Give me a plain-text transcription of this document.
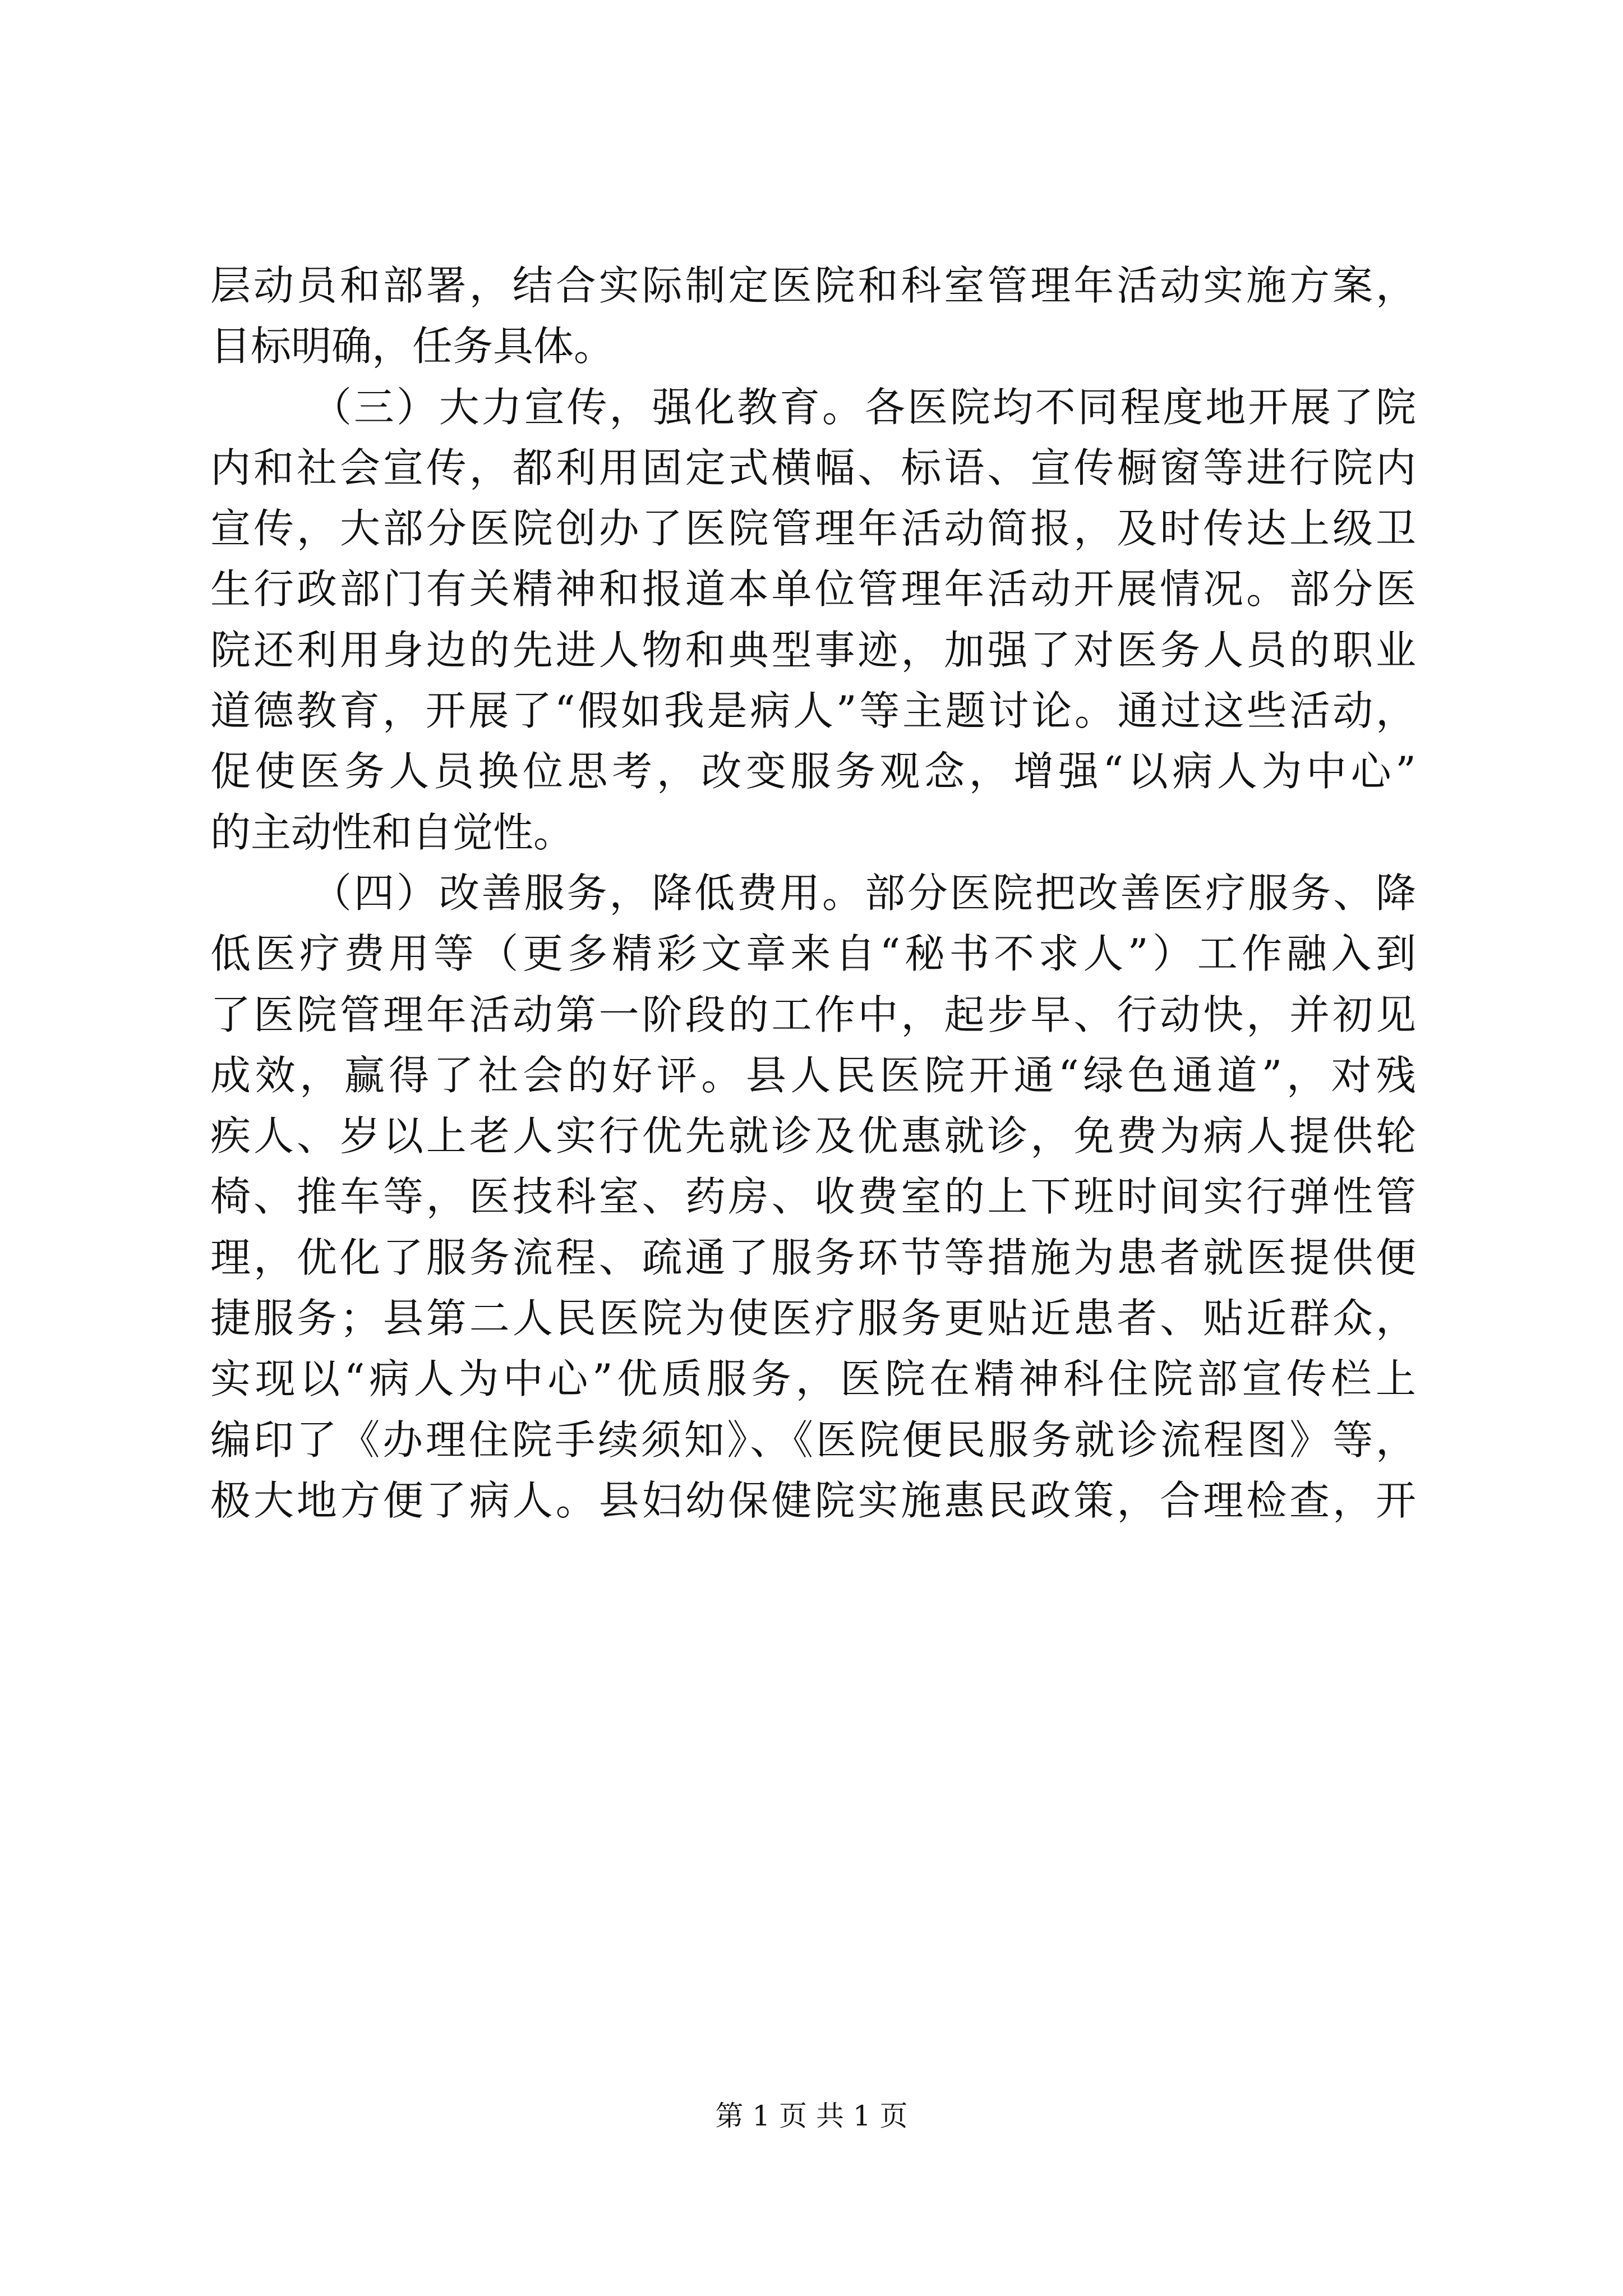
层动员和部署，结合实际制定医院和科室管理年活动实施方案，
目标明确，任务具体。
（三）大力宣传，强化教育。各医院均不同程度地开展了院
内和社会宣传，都利用固定式横幅、标语、宣传橱窗等进行院内
宣传，大部分医院创办了医院管理年活动简报，及时传达上级卫
生行政部门有关精神和报道本单位管理年活动开展情况。部分医
院还利用身边的先进人物和典型事迹，加强了对医务人员的职业
道德教育，开展了“假如我是病人”等主题讨论。通过这些活动，
促使医务人员换位思考，改变服务观念，增强“以病人为中心”
的主动性和自觉性。
（四）改善服务，降低费用。部分医院把改善医疗服务、降
低医疗费用等（更多精彩文章来自“秘书不求人”）工作融入到
了医院管理年活动第一阶段的工作中，起步早、行动快，并初见
成效，赢得了社会的好评。县人民医院开通“绿色通道”，对残
疾人、岁以上老人实行优先就诊及优惠就诊，免费为病人提供轮
椅、推车等，医技科室、药房、收费室的上下班时间实行弹性管
理，优化了服务流程、疏通了服务环节等措施为患者就医提供便
捷服务；县第二人民医院为使医疗服务更贴近患者、贴近群众，
实现以“病人为中心”优质服务，医院在精神科住院部宣传栏上
编印了《办理住院手续须知》、《医院便民服务就诊流程图》等，
极大地方便了病人。县妇幼保健院实施惠民政策，合理检查，开
第 1 页 共 1 页
